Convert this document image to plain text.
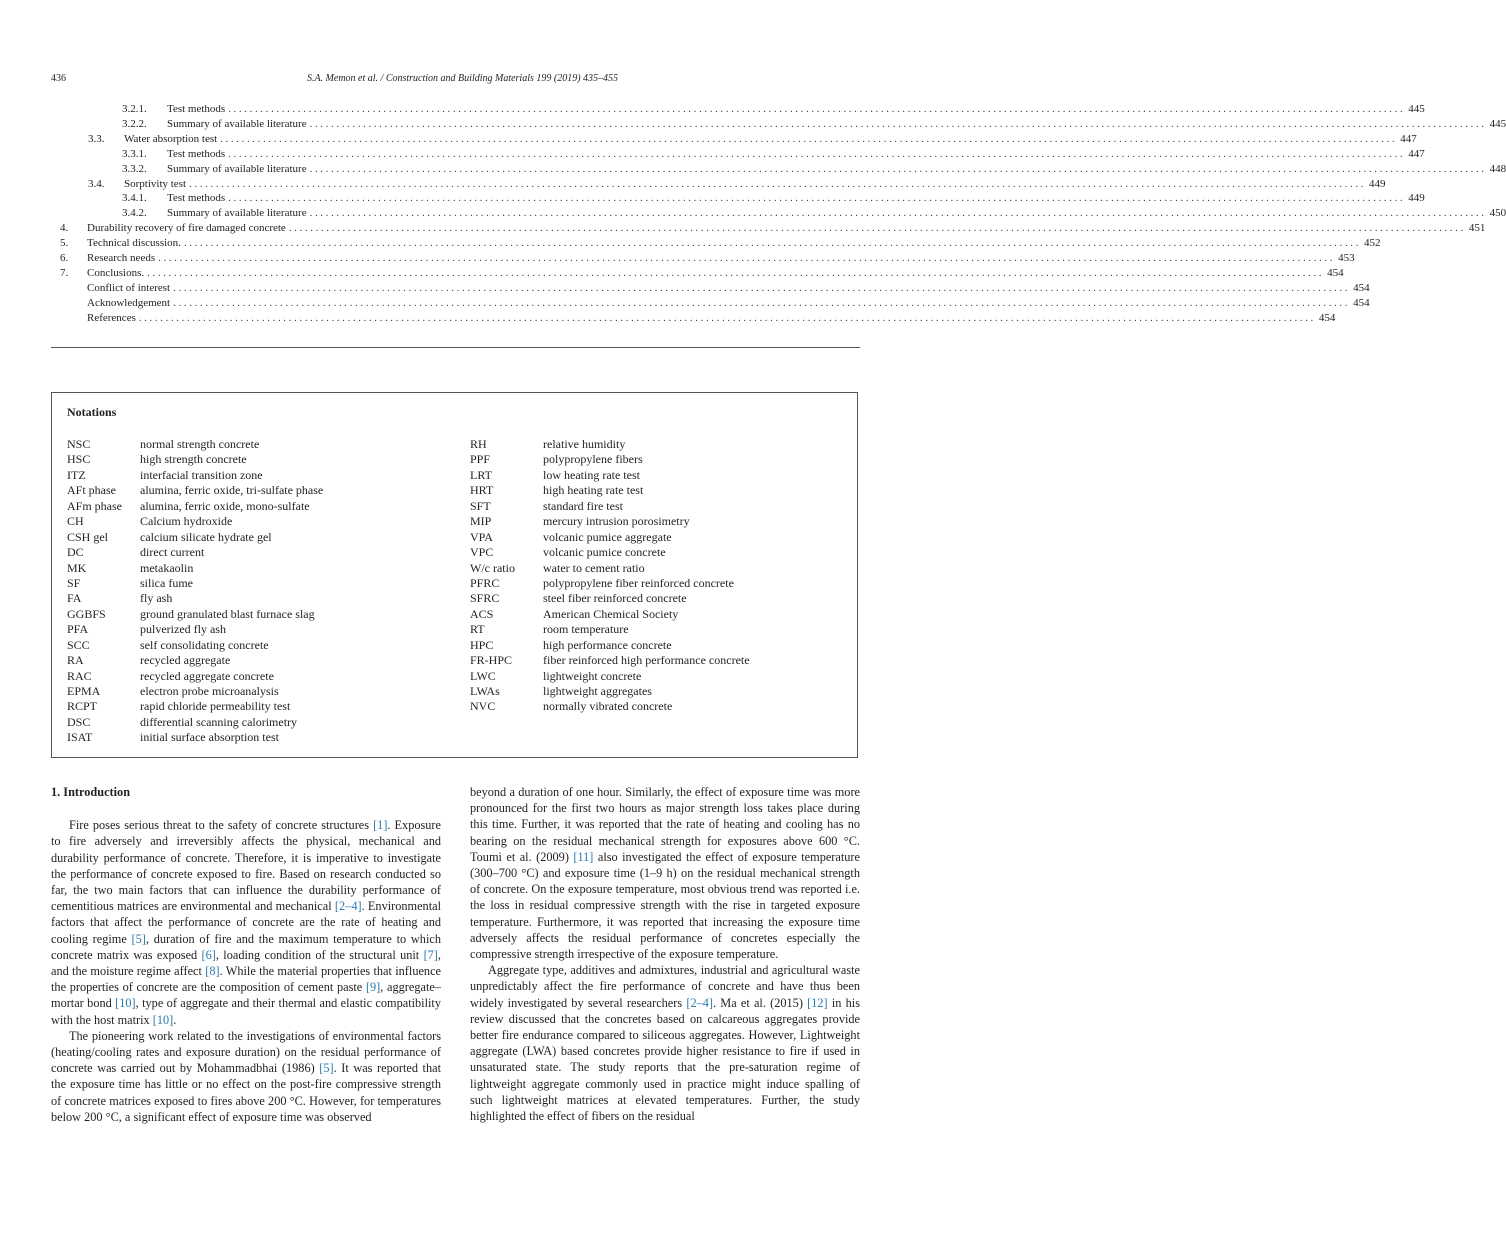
436	S.A. Memon et al. / Construction and Building Materials 199 (2019) 435–455
3.2.1. Test methods ............................................................................................................................................................................................................................ 445
3.2.2. Summary of available literature ............................................................................................................................................................................................................................ 445
3.3. Water absorption test ............................................................................................................................................................................................................................ 447
3.3.1. Test methods ............................................................................................................................................................................................................................ 447
3.3.2. Summary of available literature ............................................................................................................................................................................................................................ 448
3.4. Sorptivity test ............................................................................................................................................................................................................................ 449
3.4.1. Test methods ............................................................................................................................................................................................................................ 449
3.4.2. Summary of available literature ............................................................................................................................................................................................................................ 450
4. Durability recovery of fire damaged concrete ............................................................................................................................................................................................................................ 451
5. Technical discussion. ............................................................................................................................................................................................................................ 452
6. Research needs ............................................................................................................................................................................................................................ 453
7. Conclusions. ............................................................................................................................................................................................................................ 454
Conflict of interest ............................................................................................................................................................................................................................ 454
Acknowledgement ............................................................................................................................................................................................................................ 454
References ............................................................................................................................................................................................................................ 454
Notations
NSC	normal strength concrete
HSC	high strength concrete
ITZ	interfacial transition zone
AFt phase alumina, ferric oxide, tri-sulfate phase
AFm phase alumina, ferric oxide, mono-sulfate
CH	Calcium hydroxide
CSH gel	calcium silicate hydrate gel
DC	direct current
MK	metakaolin
SF	silica fume
FA	fly ash
GGBFS	ground granulated blast furnace slag
PFA	pulverized fly ash
SCC	self consolidating concrete
RA	recycled aggregate
RAC	recycled aggregate concrete
EPMA	electron probe microanalysis
RCPT	rapid chloride permeability test
DSC	differential scanning calorimetry
ISAT	initial surface absorption test
RH	relative humidity
PPF	polypropylene fibers
LRT	low heating rate test
HRT	high heating rate test
SFT	standard fire test
MIP	mercury intrusion porosimetry
VPA	volcanic pumice aggregate
VPC	volcanic pumice concrete
W/c ratio water to cement ratio
PFRC	polypropylene fiber reinforced concrete
SFRC	steel fiber reinforced concrete
ACS	American Chemical Society
RT	room temperature
HPC	high performance concrete
FR-HPC	fiber reinforced high performance concrete
LWC	lightweight concrete
LWAs	lightweight aggregates
NVC	normally vibrated concrete
1. Introduction

Fire poses serious threat to the safety of concrete structures [1]. Exposure to fire adversely and irreversibly affects the physical, mechanical and durability performance of concrete. Therefore, it is imperative to investigate the performance of concrete exposed to fire. Based on research conducted so far, the two main factors that can influence the durability performance of cementitious matrices are environmental and mechanical [2–4]. Environmental factors that affect the performance of concrete are the rate of heating and cooling regime [5], duration of fire and the maximum temperature to which concrete matrix was exposed [6], loading condition of the structural unit [7], and the moisture regime affect [8]. While the material properties that influence the properties of concrete are the composition of cement paste [9], aggregate–mortar bond [10], type of aggregate and their thermal and elastic compatibility with the host matrix [10].

The pioneering work related to the investigations of environmental factors (heating/cooling rates and exposure duration) on the residual performance of concrete was carried out by Mohammadbhai (1986) [5]. It was reported that the exposure time has little or no effect on the post-fire compressive strength of concrete matrices exposed to fires above 200 °C. However, for temperatures below 200 °C, a significant effect of exposure time was observed

beyond a duration of one hour. Similarly, the effect of exposure time was more pronounced for the first two hours as major strength loss takes place during this time. Further, it was reported that the rate of heating and cooling has no bearing on the residual mechanical strength for exposures above 600 °C. Toumi et al. (2009) [11] also investigated the effect of exposure temperature (300–700 °C) and exposure time (1–9 h) on the residual mechanical strength of concrete. On the exposure temperature, most obvious trend was reported i.e. the loss in residual compressive strength with the rise in targeted exposure temperature. Furthermore, it was reported that increasing the exposure time adversely affects the residual performance of concretes especially the compressive strength irrespective of the exposure temperature.

Aggregate type, additives and admixtures, industrial and agricultural waste unpredictably affect the fire performance of concrete and have thus been widely investigated by several researchers [2–4]. Ma et al. (2015) [12] in his review discussed that the concretes based on calcareous aggregates provide better fire endurance compared to siliceous aggregates. However, Lightweight aggregate (LWA) based concretes provide higher resistance to fire if used in unsaturated state. The study reports that the pre-saturation regime of lightweight aggregate commonly used in practice might induce spalling of such lightweight matrices at elevated temperatures. Further, the study highlighted the effect of fibers on the residual
